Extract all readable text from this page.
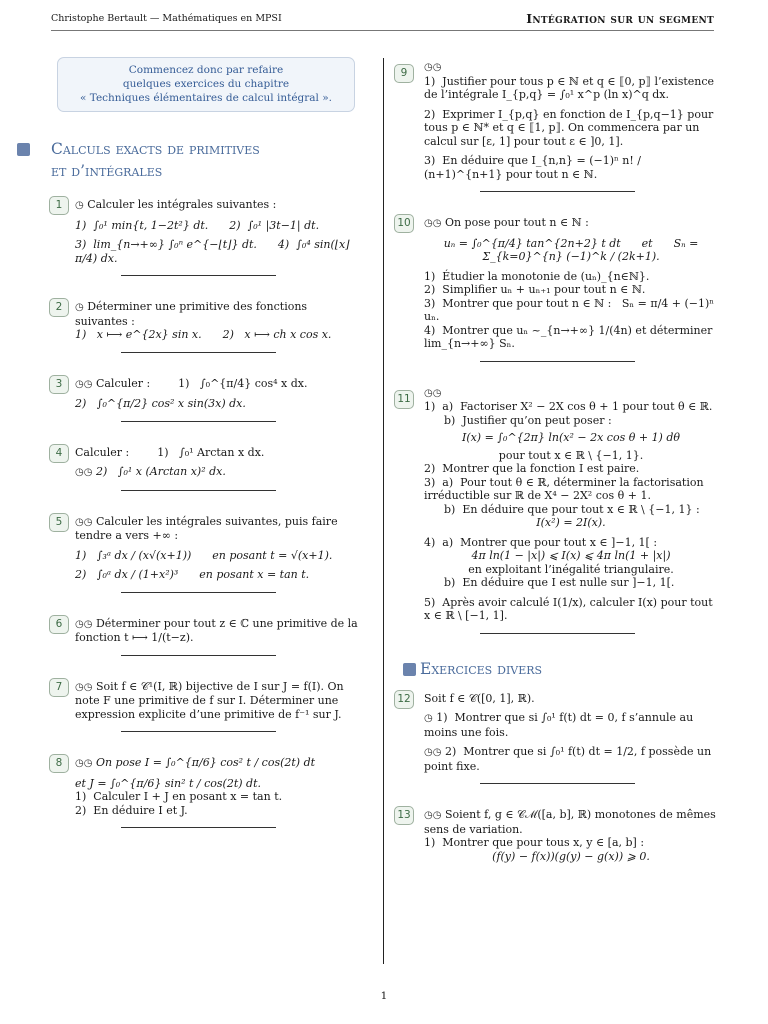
Christophe Bertault — Mathématiques en MPSI	Intégration sur un segment
Commencez donc par refaire
quelques exercices du chapitre
« Techniques élémentaires de calcul intégral ».
Calculs exacts de primitives
et d’intégrales
1	◷ Calculer les intégrales suivantes :
1)  ∫₀¹ min{t, 1−2t²} dt.      2)  ∫₀¹ |3t−1| dt.
3)  lim_{n→+∞} ∫₀ⁿ e^{−⌊t⌋} dt.      4)  ∫₀⁴ sin(⌊x⌋π/4) dx.
2	◷ Déterminer une primitive des fonctions suivantes :
1)   x ⟼ e^{2x} sin x.      2)   x ⟼ ch x cos x.
3	◷◷ Calculer :        1)   ∫₀^{π/4} cos⁴ x dx.
2)   ∫₀^{π/2} cos² x sin(3x) dx.
4	Calculer :        1)   ∫₀¹ Arctan x dx.
◷◷ 2)   ∫₀¹ x (Arctan x)² dx.
5	◷◷ Calculer les intégrales suivantes, puis faire tendre a vers +∞ :
1)   ∫₃ᵃ dx / (x√(x+1))      en posant t = √(x+1).
2)   ∫₀ᵃ dx / (1+x²)³      en posant x = tan t.
6	◷◷ Déterminer pour tout z ∈ ℂ une primitive de la fonction t ⟼ 1/(t−z).
7	◷◷ Soit f ∈ 𝒞¹(I, ℝ) bijective de I sur J = f(I). On note F une primitive de f sur I. Déterminer une expression explicite d’une primitive de f⁻¹ sur J.
8	◷◷ On pose I = ∫₀^{π/6} cos² t / cos(2t) dt
et J = ∫₀^{π/6} sin² t / cos(2t) dt.
1)  Calculer I + J en posant x = tan t.
2)  En déduire I et J.
9	◷◷
1)  Justifier pour tous p ∈ ℕ et q ∈ ⟦0, p⟧ l’existence de l’intégrale I_{p,q} = ∫₀¹ x^p (ln x)^q dx.
2)  Exprimer I_{p,q} en fonction de I_{p,q−1} pour tous p ∈ ℕ* et q ∈ ⟦1, p⟧. On commencera par un calcul sur [ε, 1] pour tout ε ∈ ]0, 1].
3)  En déduire que I_{n,n} = (−1)ⁿ n! / (n+1)^{n+1} pour tout n ∈ ℕ.
10	◷◷ On pose pour tout n ∈ ℕ :
uₙ = ∫₀^{π/4} tan^{2n+2} t dt      et      Sₙ = Σ_{k=0}^{n} (−1)^k / (2k+1).
1)  Étudier la monotonie de (uₙ)_{n∈ℕ}.
2)  Simplifier uₙ + uₙ₊₁ pour tout n ∈ ℕ.
3)  Montrer que pour tout n ∈ ℕ :   Sₙ = π/4 + (−1)ⁿ uₙ.
4)  Montrer que uₙ ~_{n→+∞} 1/(4n) et déterminer lim_{n→+∞} Sₙ.
11	◷◷
1)  a)  Factoriser X² − 2X cos θ + 1 pour tout θ ∈ ℝ.
b)  Justifier qu’on peut poser :
I(x) = ∫₀^{2π} ln(x² − 2x cos θ + 1) dθ
pour tout x ∈ ℝ \ {−1, 1}.
2)  Montrer que la fonction I est paire.
3)  a)  Pour tout θ ∈ ℝ, déterminer la factorisation irréductible sur ℝ de X⁴ − 2X² cos θ + 1.
b)  En déduire que pour tout x ∈ ℝ \ {−1, 1} :
I(x²) = 2I(x).
4)  a)  Montrer que pour tout x ∈ ]−1, 1[ :
4π ln(1 − |x|) ⩽ I(x) ⩽ 4π ln(1 + |x|)
en exploitant l’inégalité triangulaire.
b)  En déduire que I est nulle sur ]−1, 1[.
5)  Après avoir calculé I(1/x), calculer I(x) pour tout x ∈ ℝ \ [−1, 1].
Exercices divers
12	Soit f ∈ 𝒞([0, 1], ℝ).
◷ 1)  Montrer que si ∫₀¹ f(t) dt = 0, f s’annule au moins une fois.
◷◷ 2)  Montrer que si ∫₀¹ f(t) dt = 1/2, f possède un point fixe.
13	◷◷ Soient f, g ∈ 𝒞ℳ([a, b], ℝ) monotones de mêmes sens de variation.
1)  Montrer que pour tous x, y ∈ [a, b] :
(f(y) − f(x))(g(y) − g(x)) ⩾ 0.
1
